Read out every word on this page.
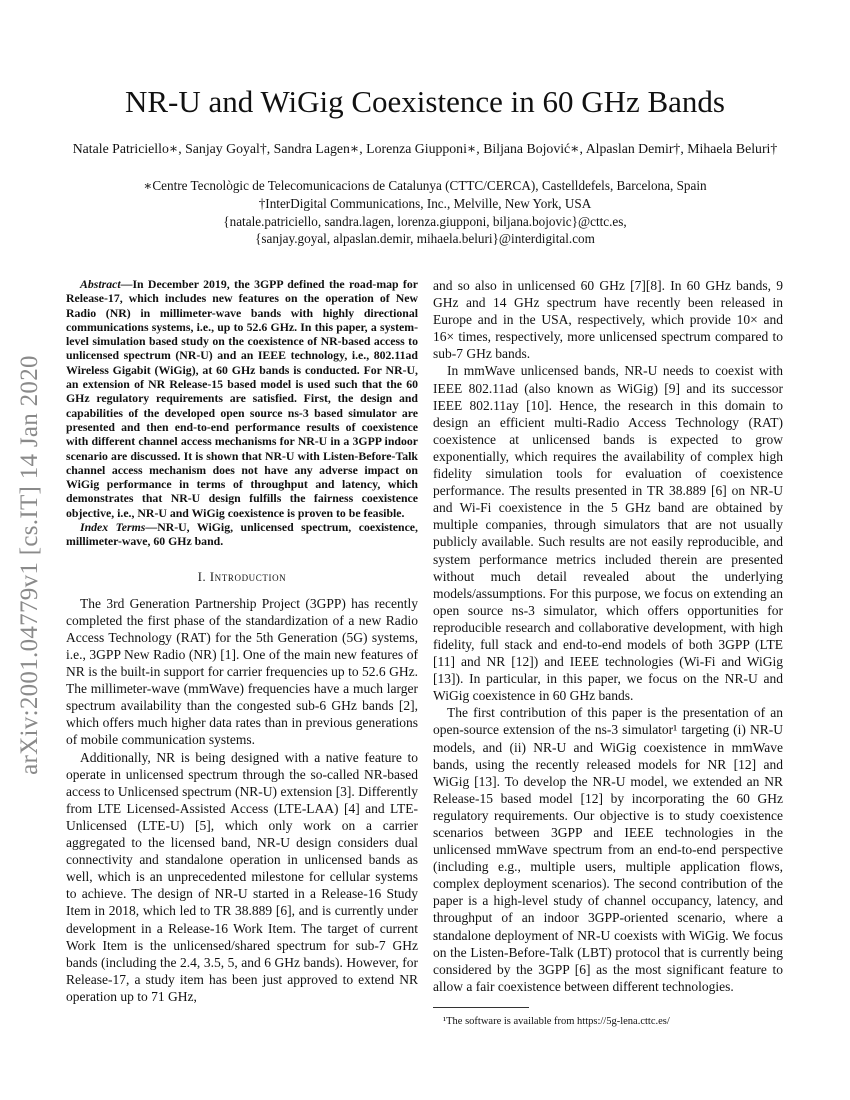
arXiv:2001.04779v1 [cs.IT] 14 Jan 2020
NR-U and WiGig Coexistence in 60 GHz Bands
Natale Patriciello∗, Sanjay Goyal†, Sandra Lagen∗, Lorenza Giupponi∗, Biljana Bojović∗, Alpaslan Demir†, Mihaela Beluri†
∗Centre Tecnològic de Telecomunicacions de Catalunya (CTTC/CERCA), Castelldefels, Barcelona, Spain
†InterDigital Communications, Inc., Melville, New York, USA
{natale.patriciello, sandra.lagen, lorenza.giupponi, biljana.bojovic}@cttc.es,
{sanjay.goyal, alpaslan.demir, mihaela.beluri}@interdigital.com

Abstract—In December 2019, the 3GPP defined the road-map for Release-17, which includes new features on the operation of New Radio (NR) in millimeter-wave bands with highly directional communications systems, i.e., up to 52.6 GHz. In this paper, a system-level simulation based study on the coexistence of NR-based access to unlicensed spectrum (NR-U) and an IEEE technology, i.e., 802.11ad Wireless Gigabit (WiGig), at 60 GHz bands is conducted. For NR-U, an extension of NR Release-15 based model is used such that the 60 GHz regulatory requirements are satisfied. First, the design and capabilities of the developed open source ns-3 based simulator are presented and then end-to-end performance results of coexistence with different channel access mechanisms for NR-U in a 3GPP indoor scenario are discussed. It is shown that NR-U with Listen-Before-Talk channel access mechanism does not have any adverse impact on WiGig performance in terms of throughput and latency, which demonstrates that NR-U design fulfills the fairness coexistence objective, i.e., NR-U and WiGig coexistence is proven to be feasible.

Index Terms—NR-U, WiGig, unlicensed spectrum, coexistence, millimeter-wave, 60 GHz band.

I. Introduction

The 3rd Generation Partnership Project (3GPP) has recently completed the first phase of the standardization of a new Radio Access Technology (RAT) for the 5th Generation (5G) systems, i.e., 3GPP New Radio (NR) [1]. One of the main new features of NR is the built-in support for carrier frequencies up to 52.6 GHz. The millimeter-wave (mmWave) frequencies have a much larger spectrum availability than the congested sub-6 GHz bands [2], which offers much higher data rates than in previous generations of mobile communication systems.

Additionally, NR is being designed with a native feature to operate in unlicensed spectrum through the so-called NR-based access to Unlicensed spectrum (NR-U) extension [3]. Differently from LTE Licensed-Assisted Access (LTE-LAA) [4] and LTE-Unlicensed (LTE-U) [5], which only work on a carrier aggregated to the licensed band, NR-U design considers dual connectivity and standalone operation in unlicensed bands as well, which is an unprecedented milestone for cellular systems to achieve. The design of NR-U started in a Release-16 Study Item in 2018, which led to TR 38.889 [6], and is currently under development in a Release-16 Work Item. The target of current Work Item is the unlicensed/shared spectrum for sub-7 GHz bands (including the 2.4, 3.5, 5, and 6 GHz bands). However, for Release-17, a study item has been just approved to extend NR operation up to 71 GHz,

and so also in unlicensed 60 GHz [7][8]. In 60 GHz bands, 9 GHz and 14 GHz spectrum have recently been released in Europe and in the USA, respectively, which provide 10× and 16× times, respectively, more unlicensed spectrum compared to sub-7 GHz bands.

In mmWave unlicensed bands, NR-U needs to coexist with IEEE 802.11ad (also known as WiGig) [9] and its successor IEEE 802.11ay [10]. Hence, the research in this domain to design an efficient multi-Radio Access Technology (RAT) coexistence at unlicensed bands is expected to grow exponentially, which requires the availability of complex high fidelity simulation tools for evaluation of coexistence performance. The results presented in TR 38.889 [6] on NR-U and Wi-Fi coexistence in the 5 GHz band are obtained by multiple companies, through simulators that are not usually publicly available. Such results are not easily reproducible, and system performance metrics included therein are presented without much detail revealed about the underlying models/assumptions. For this purpose, we focus on extending an open source ns-3 simulator, which offers opportunities for reproducible research and collaborative development, with high fidelity, full stack and end-to-end models of both 3GPP (LTE [11] and NR [12]) and IEEE technologies (Wi-Fi and WiGig [13]). In particular, in this paper, we focus on the NR-U and WiGig coexistence in 60 GHz bands.

The first contribution of this paper is the presentation of an open-source extension of the ns-3 simulator¹ targeting (i) NR-U models, and (ii) NR-U and WiGig coexistence in mmWave bands, using the recently released models for NR [12] and WiGig [13]. To develop the NR-U model, we extended an NR Release-15 based model [12] by incorporating the 60 GHz regulatory requirements. Our objective is to study coexistence scenarios between 3GPP and IEEE technologies in the unlicensed mmWave spectrum from an end-to-end perspective (including e.g., multiple users, multiple application flows, complex deployment scenarios). The second contribution of the paper is a high-level study of channel occupancy, latency, and throughput of an indoor 3GPP-oriented scenario, where a standalone deployment of NR-U coexists with WiGig. We focus on the Listen-Before-Talk (LBT) protocol that is currently being considered by the 3GPP [6] as the most significant feature to allow a fair coexistence between different technologies.

¹The software is available from https://5g-lena.cttc.es/
